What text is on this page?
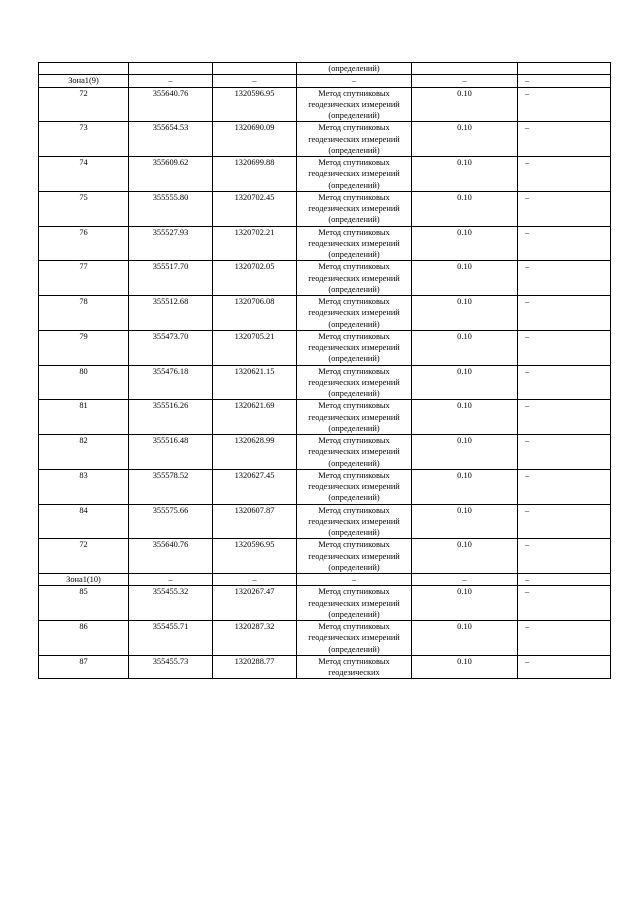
			(определений)		
Зона1(9)	–	–	–	–	–
72	355640.76	1320596.95	Метод спутниковых геодезических измерений (определений)	0.10	–
73	355654.53	1320690.09	Метод спутниковых геодезических измерений (определений)	0.10	–
74	355609.62	1320699.88	Метод спутниковых геодезических измерений (определений)	0.10	–
75	355555.80	1320702.45	Метод спутниковых геодезических измерений (определений)	0.10	–
76	355527.93	1320702.21	Метод спутниковых геодезических измерений (определений)	0.10	–
77	355517.70	1320702.05	Метод спутниковых геодезических измерений (определений)	0.10	–
78	355512.68	1320706.08	Метод спутниковых геодезических измерений (определений)	0.10	–
79	355473.70	1320705.21	Метод спутниковых геодезических измерений (определений)	0.10	–
80	355476.18	1320621.15	Метод спутниковых геодезических измерений (определений)	0.10	–
81	355516.26	1320621.69	Метод спутниковых геодезических измерений (определений)	0.10	–
82	355516.48	1320628.99	Метод спутниковых геодезических измерений (определений)	0.10	–
83	355578.52	1320627.45	Метод спутниковых геодезических измерений (определений)	0.10	–
84	355575.66	1320607.87	Метод спутниковых геодезических измерений (определений)	0.10	–
72	355640.76	1320596.95	Метод спутниковых геодезических измерений (определений)	0.10	–
Зона1(10)	–	–	–	–	–
85	355455.32	1320267.47	Метод спутниковых геодезических измерений (определений)	0.10	–
86	355455.71	1320287.32	Метод спутниковых геодезических измерений (определений)	0.10	–
87	355455.73	1320288.77	Метод спутниковых геодезических	0.10	–
